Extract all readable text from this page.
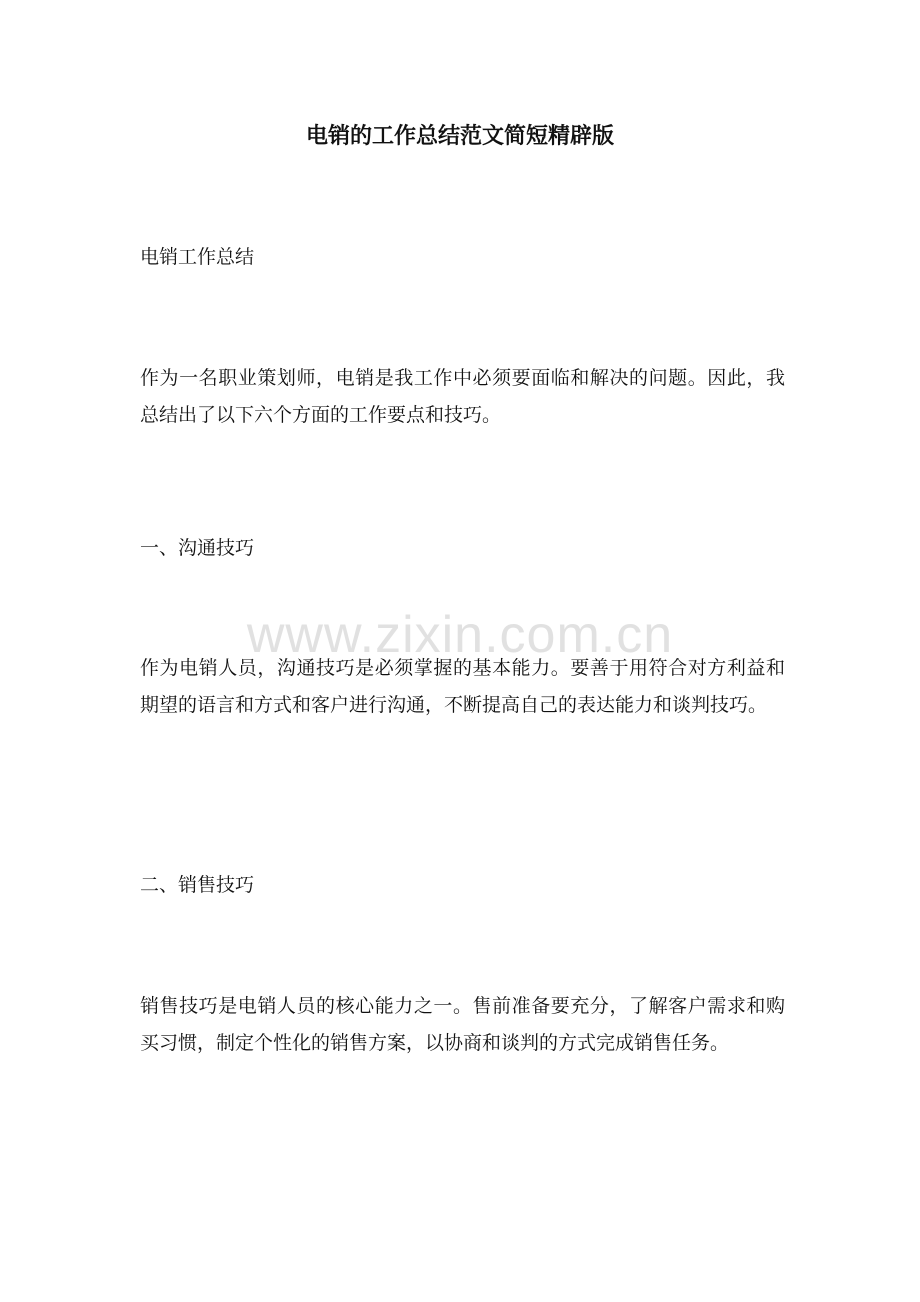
电销的工作总结范文简短精辟版

电销工作总结

作为一名职业策划师，电销是我工作中必须要面临和解决的问题。因此，我总结出了以下六个方面的工作要点和技巧。

一、沟通技巧

作为电销人员，沟通技巧是必须掌握的基本能力。要善于用符合对方利益和期望的语言和方式和客户进行沟通，不断提高自己的表达能力和谈判技巧。

二、销售技巧

销售技巧是电销人员的核心能力之一。售前准备要充分，了解客户需求和购买习惯，制定个性化的销售方案，以协商和谈判的方式完成销售任务。

www.zixin.com.cn
